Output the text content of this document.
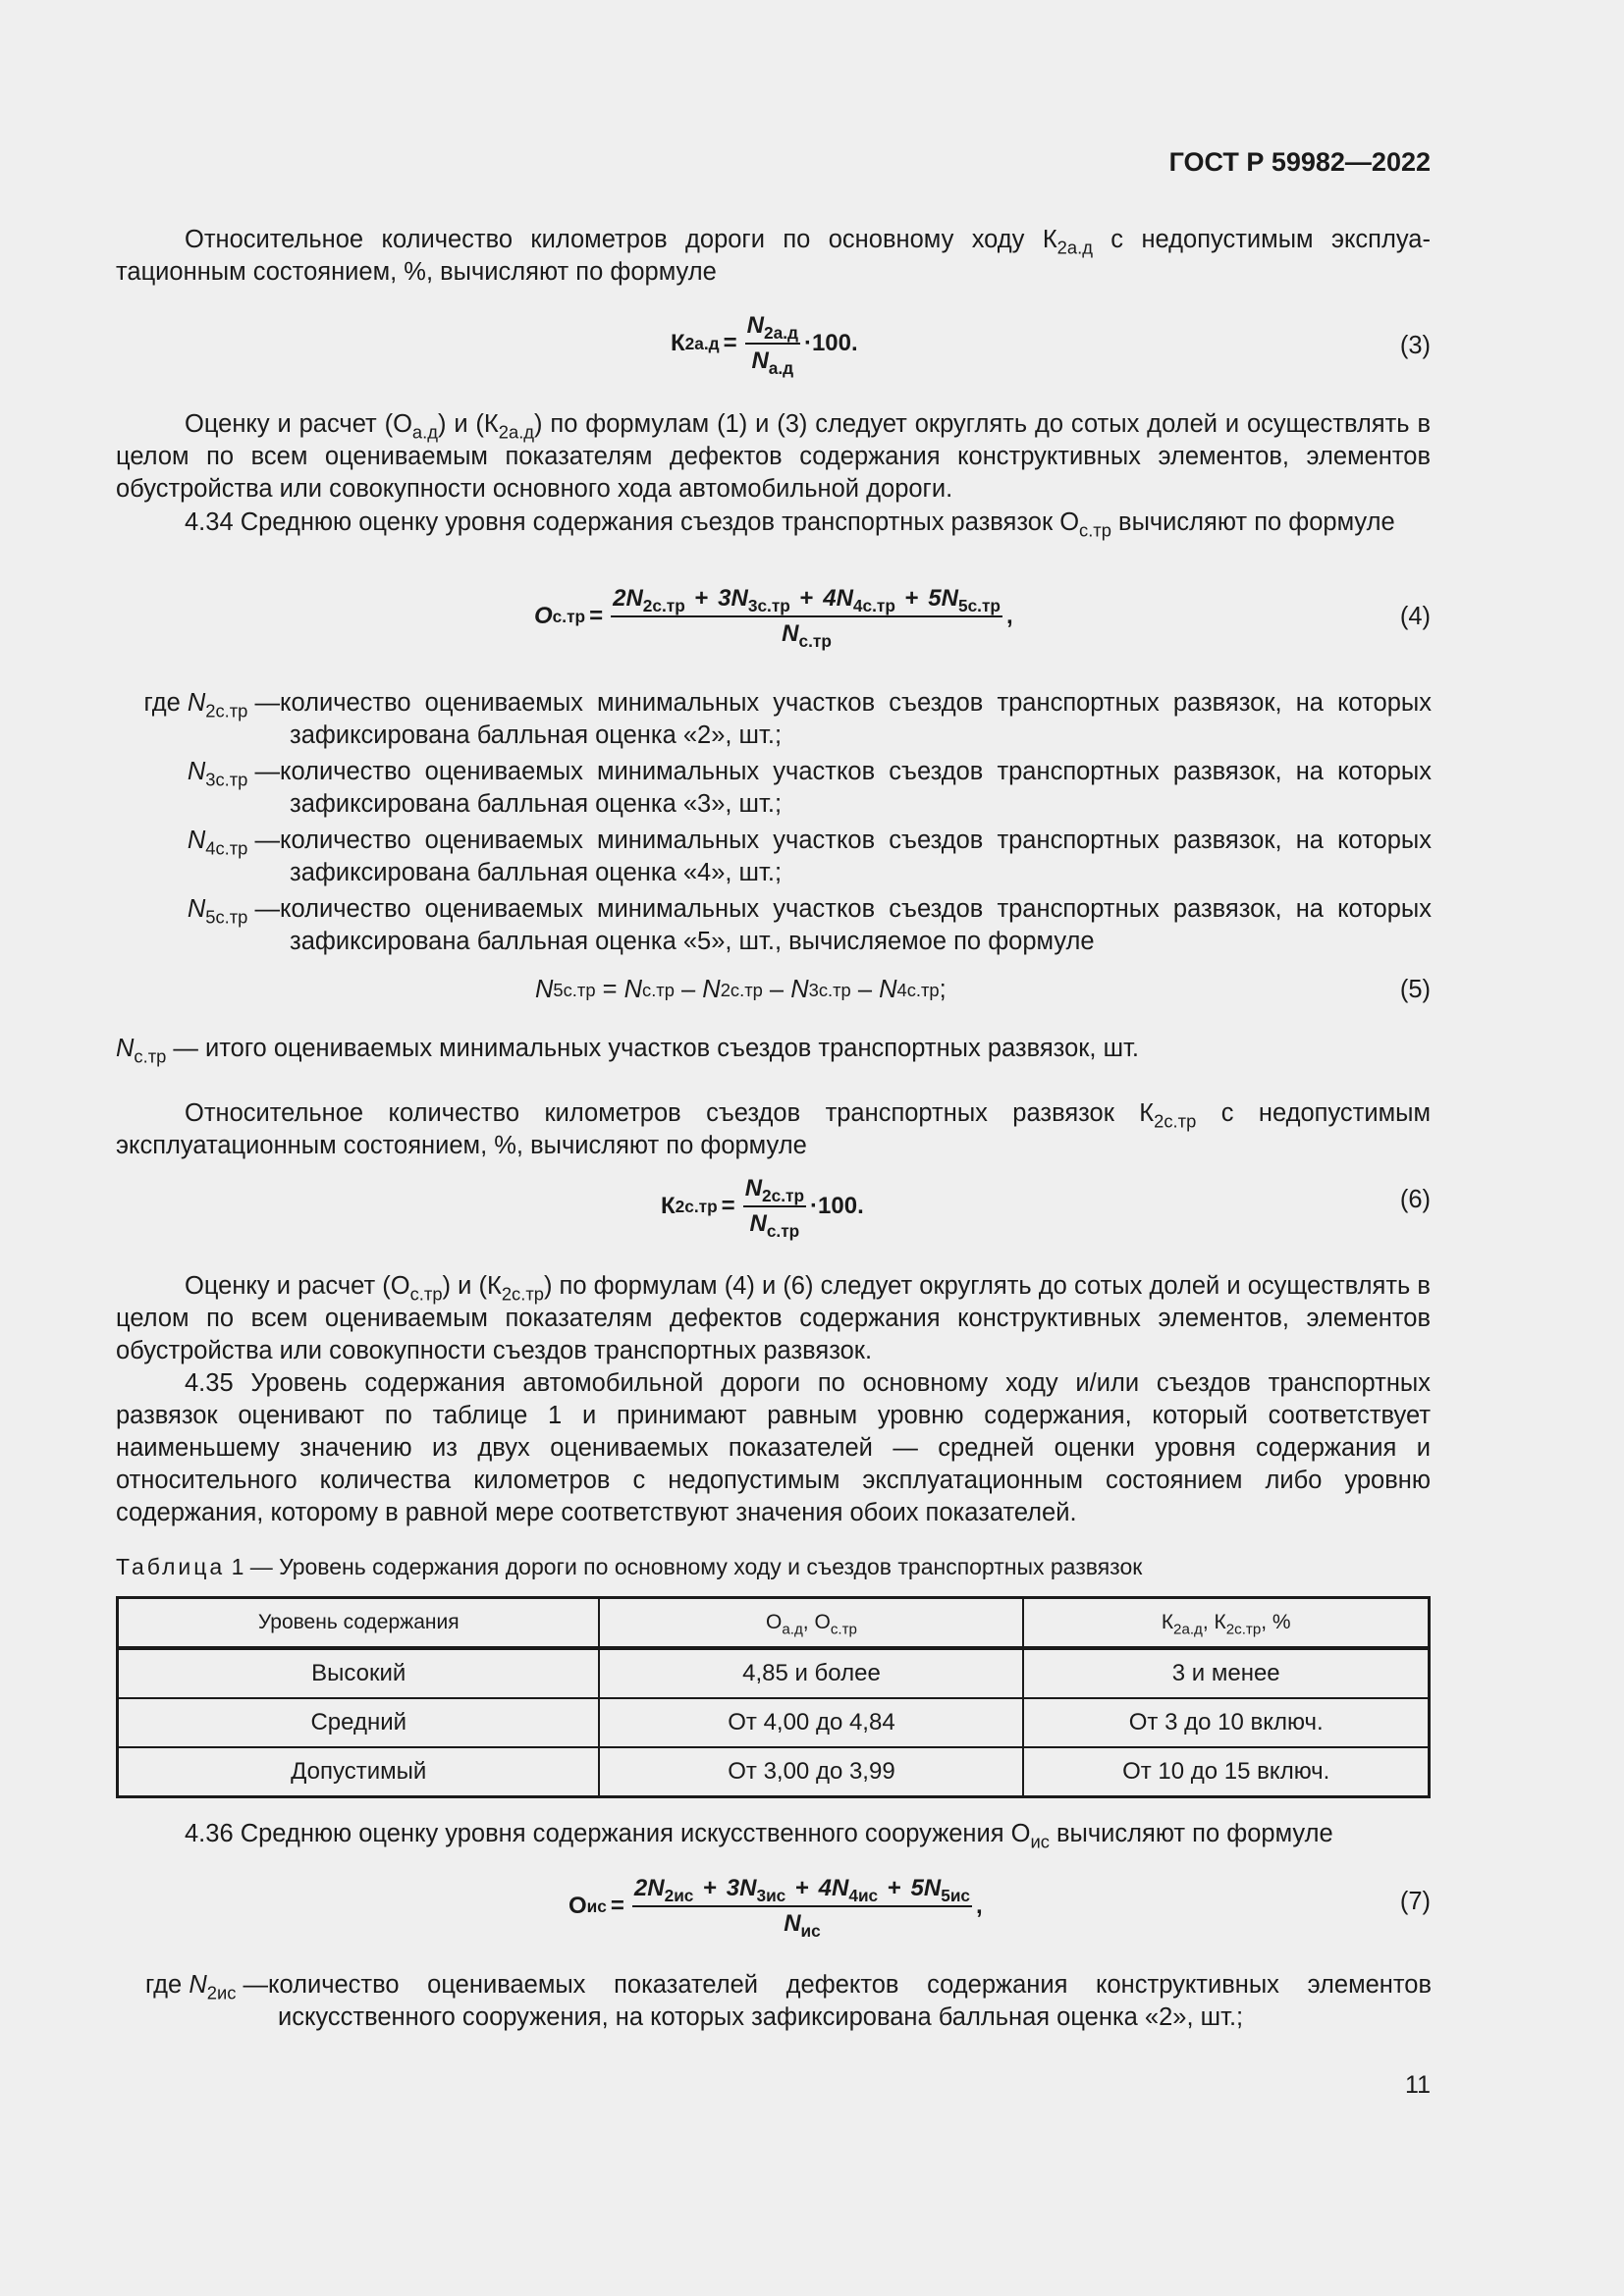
ГОСТ Р 59982—2022
Относительное количество километров дороги по основному ходу $К_{2а.д}$ с недопустимым эксплуатационным состоянием, %, вычисляют по формуле
К $2а.д = \frac{N_{2а.д}}{N_{а.д}} \cdot 100$.	(3)
Оценку и расчет $(О_{а.д})$ и $(К_{2а.д})$ по формулам (1) и (3) следует округлять до сотых долей и осуществлять в целом по всем оцениваемым показателям дефектов содержания конструктивных элементов, элементов обустройства или совокупности основного хода автомобильной дороги.
4.34 Среднюю оценку уровня содержания съездов транспортных развязок $О_{с.тр}$ вычисляют по формуле
О с.тр =
$2N_{2с.тр} + 3N_{3с.тр} + 4N_{4с.тр} + 5N_{5с.тр}$
$N_{с.тр}$
,	(4)
где $N_{2с.тр}$ — количество оцениваемых минимальных участков съездов транспортных развязок, на которых зафиксирована балльная оценка «2», шт.;
$N_{3с.тр}$ — количество оцениваемых минимальных участков съездов транспортных развязок, на которых зафиксирована балльная оценка «3», шт.;
$N_{4с.тр}$ — количество оцениваемых минимальных участков съездов транспортных развязок, на которых зафиксирована балльная оценка «4», шт.;
$N_{5с.тр}$ — количество оцениваемых минимальных участков съездов транспортных развязок, на которых зафиксирована балльная оценка «5», шт., вычисляемое по формуле
N 5с.тр = N с.тр – N 2с.тр – N 3с.тр – N 4с.тр ;	(5)
$N_{с.тр}$ — итого оцениваемых минимальных участков съездов транспортных развязок, шт.
Относительное количество километров съездов транспортных развязок $К_{2с.тр}$ с недопустимым эксплуатационным состоянием, %, вычисляют по формуле
К $2с.тр = \frac{N_{2с.тр}}{N_{с.тр}} \cdot 100$.	(6)
Оценку и расчет $(О_{с.тр})$ и $(К_{2с.тр})$ по формулам (4) и (6) следует округлять до сотых долей и осуществлять в целом по всем оцениваемым показателям дефектов содержания конструктивных элементов, элементов обустройства или совокупности съездов транспортных развязок.
4.35 Уровень содержания автомобильной дороги по основному ходу и/или съездов транспортных развязок оценивают по таблице 1 и принимают равным уровню содержания, который соответствует наименьшему значению из двух оцениваемых показателей — средней оценки уровня содержания и относительного количества километров с недопустимым эксплуатационным состоянием либо уровню содержания, которому в равной мере соответствуют значения обоих показателей.
Таблица 1 — Уровень содержания дороги по основному ходу и съездов транспортных развязок
Уровень содержания	$О_{а.д}$, $О_{с.тр}$	$К_{2а.д}$, $К_{2с.тр}$, %
Высокий	4,85 и более	3 и менее
Средний	От 4,00 до 4,84	От 3 до 10 включ.
Допустимый	От 3,00 до 3,99	От 10 до 15 включ.
4.36 Среднюю оценку уровня содержания искусственного сооружения $О_{ис}$ вычисляют по формуле
О ис =
$2N_{2ис} + 3N_{3ис} + 4N_{4ис} + 5N_{5ис}$
$N_{ис}$
,	(7)
где $N_{2ис}$ — количество оцениваемых показателей дефектов содержания конструктивных элементов искусственного сооружения, на которых зафиксирована балльная оценка «2», шт.;
11
